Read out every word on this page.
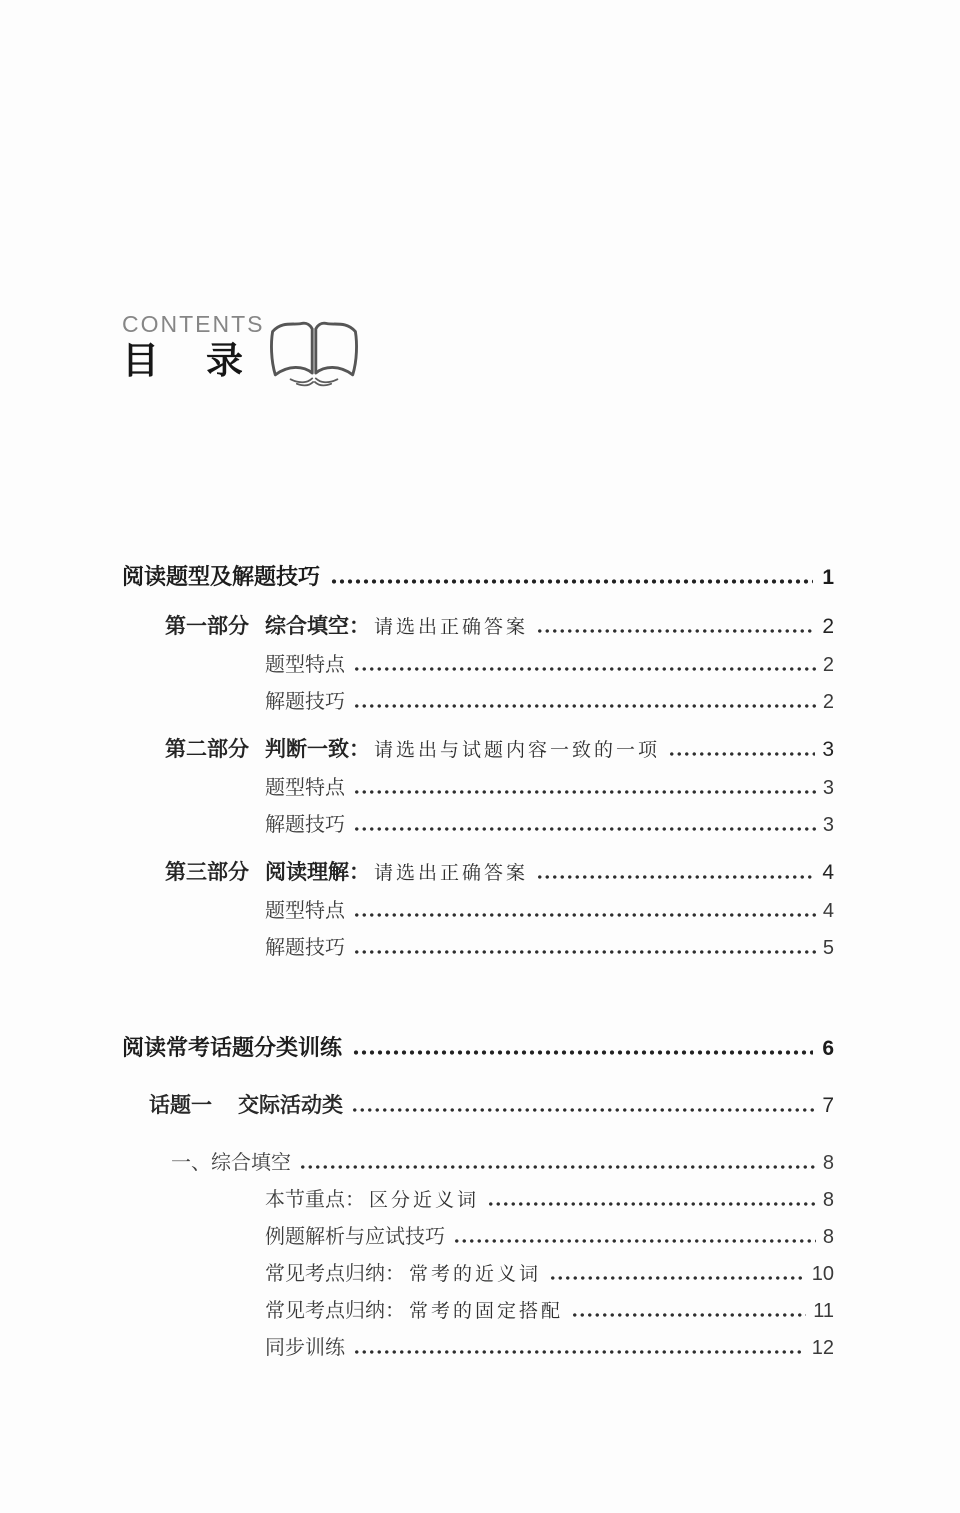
CONTENTS
目　录
阅读题型及解题技巧	1
第一部分 综合填空： 请选出正确答案	2
题型特点	2
解题技巧	2
第二部分 判断一致： 请选出与试题内容一致的一项	3
题型特点	3
解题技巧	3
第三部分 阅读理解： 请选出正确答案	4
题型特点	4
解题技巧	5
阅读常考话题分类训练	6
话题一	交际活动类	7
一、综合填空	8
本节重点： 区分近义词	8
例题解析与应试技巧	8
常见考点归纳： 常考的近义词	10
常见考点归纳： 常考的固定搭配	11
同步训练	12
